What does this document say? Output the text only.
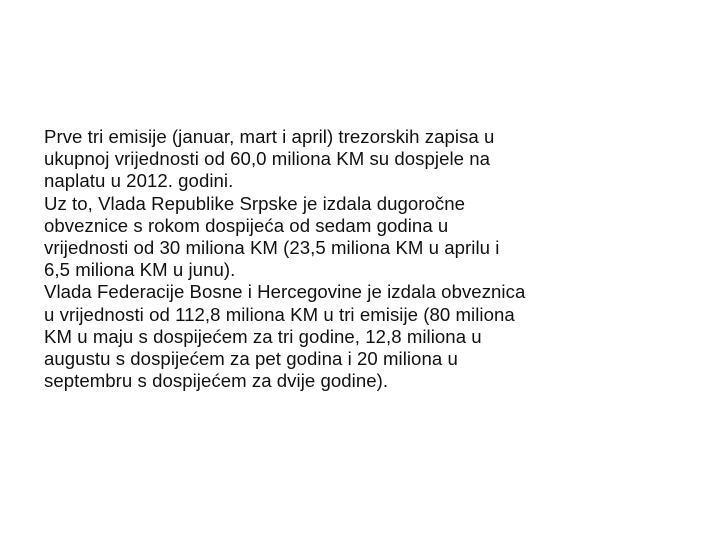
Prve tri emisije (januar, mart i april) trezorskih zapisa u
ukupnoj vrijednosti od 60,0 miliona KM su dospjele na
naplatu u 2012. godini.

Uz to, Vlada Republike Srpske je izdala dugoročne
obveznice s rokom dospijeća od sedam godina u
vrijednosti od 30 miliona KM (23,5 miliona KM u aprilu i
6,5 miliona KM u junu).

Vlada Federacije Bosne i Hercegovine je izdala obveznica
u vrijednosti od 112,8 miliona KM u tri emisije (80 miliona
KM u maju s dospijećem za tri godine, 12,8 miliona u
augustu s dospijećem za pet godina i 20 miliona u
septembru s dospijećem za dvije godine).
